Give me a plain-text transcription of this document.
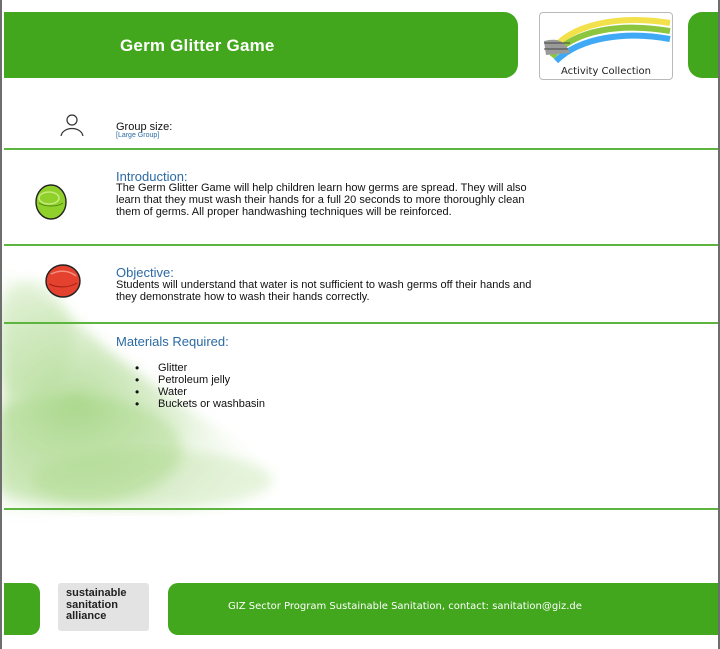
Germ Glitter Game
Activity Collection
Group size:
[Large Group]
Introduction:
The Germ Glitter Game will help children learn how germs are spread. They will also
learn that they must wash their hands for a full 20 seconds to more thoroughly clean
them of germs. All proper handwashing techniques will be reinforced.
Objective:
Students will understand that water is not sufficient to wash germs off their hands and
they demonstrate how to wash their hands correctly.
Materials Required:
• Glitter
• Petroleum jelly
• Water
• Buckets or washbasin
sustainable
sanitation
alliance
GIZ Sector Program Sustainable Sanitation, contact: sanitation@giz.de
